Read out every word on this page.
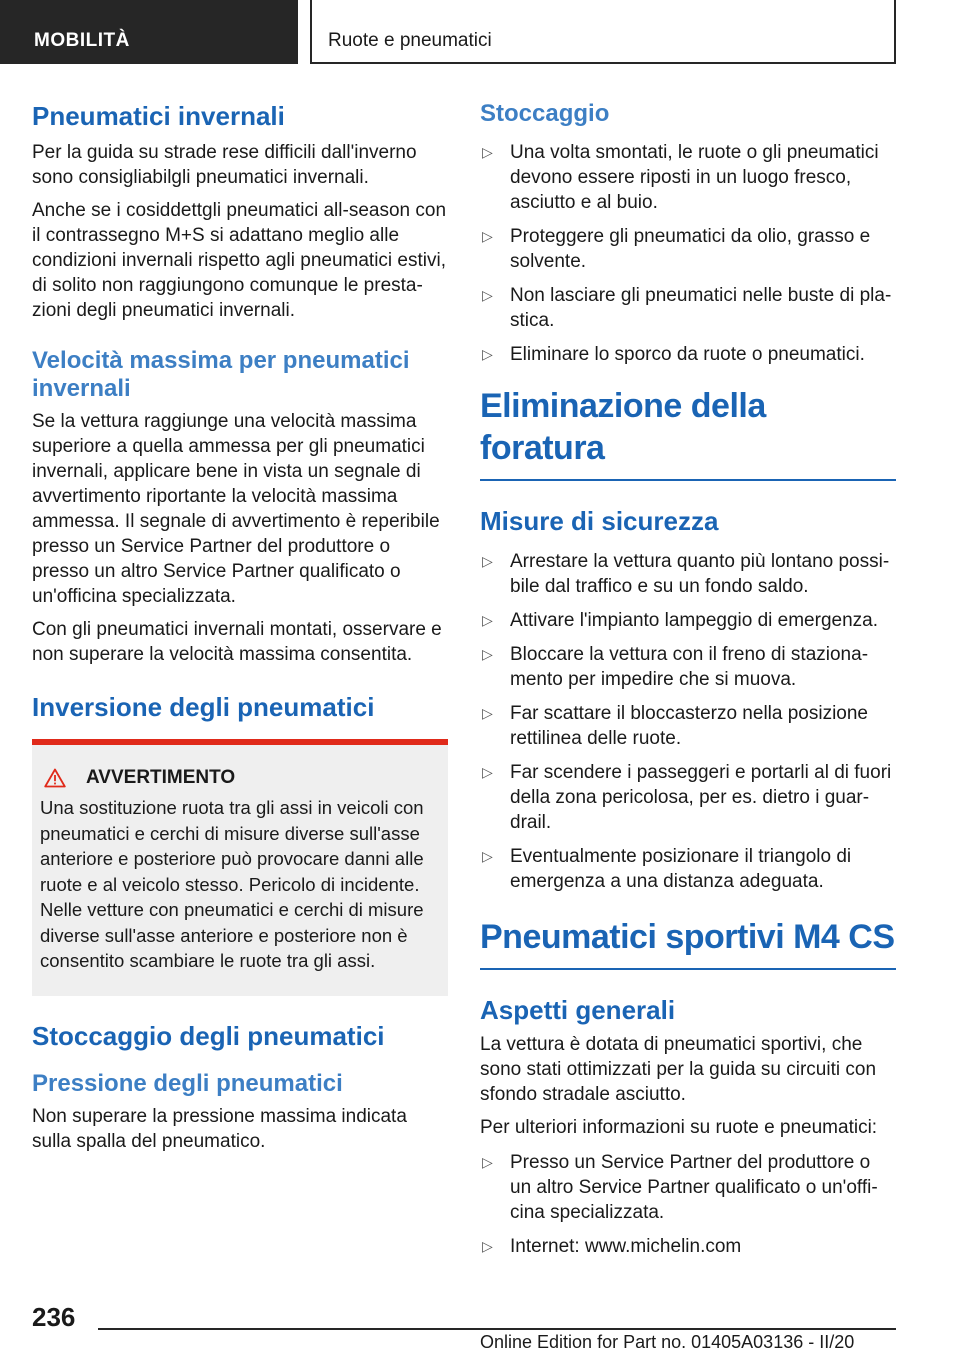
MOBILITÀ	Ruote e pneumatici
Pneumatici invernali

Per la guida su strade rese difficili dall'inverno sono consigliabilgli pneumatici invernali.

Anche se i cosiddettgli pneumatici all-season con il contrassegno M+S si adattano meglio alle condizioni invernali rispetto agli pneumatici estivi, di solito non raggiungono comunque le prestazioni degli pneumatici invernali.

Velocità massima per pneumatici invernali

Se la vettura raggiunge una velocità massima superiore a quella ammessa per gli pneumatici invernali, applicare bene in vista un segnale di avvertimento riportante la velocità massima ammessa. Il segnale di avvertimento è reperibile presso un Service Partner del produttore o presso un altro Service Partner qualificato o un'officina specializzata.

Con gli pneumatici invernali montati, osservare e non superare la velocità massima consentita.

Inversione degli pneumatici
AVVERTIMENTO

Una sostituzione ruota tra gli assi in veicoli con pneumatici e cerchi di misure diverse sull'asse anteriore e posteriore può provocare danni alle ruote e al veicolo stesso. Pericolo di incidente. Nelle vetture con pneumatici e cerchi di misure diverse sull'asse anteriore e posteriore non è consentito scambiare le ruote tra gli assi.

Stoccaggio degli pneumatici
Pressione degli pneumatici

Non superare la pressione massima indicata sulla spalla del pneumatico.

Stoccaggio
▷ Una volta smontati, le ruote o gli pneumatici devono essere riposti in un luogo fresco, asciutto e al buio.
▷ Proteggere gli pneumatici da olio, grasso e solvente.
▷ Non lasciare gli pneumatici nelle buste di plastica.
▷ Eliminare lo sporco da ruote o pneumatici.
Eliminazione della foratura
Misure di sicurezza
▷ Arrestare la vettura quanto più lontano possibile dal traffico e su un fondo saldo.
▷ Attivare l'impianto lampeggio di emergenza.
▷ Bloccare la vettura con il freno di stazionamento per impedire che si muova.
▷ Far scattare il bloccasterzo nella posizione rettilinea delle ruote.
▷ Far scendere i passeggeri e portarli al di fuori della zona pericolosa, per es. dietro i guardrail.
▷ Eventualmente posizionare il triangolo di emergenza a una distanza adeguata.
Pneumatici sportivi M4 CS
Aspetti generali

La vettura è dotata di pneumatici sportivi, che sono stati ottimizzati per la guida su circuiti con sfondo stradale asciutto.

Per ulteriori informazioni su ruote e pneumatici:

▷ Presso un Service Partner del produttore o un altro Service Partner qualificato o un'officina specializzata.
▷ Internet: www.michelin.com
236
Online Edition for Part no. 01405A03136 - II/20
